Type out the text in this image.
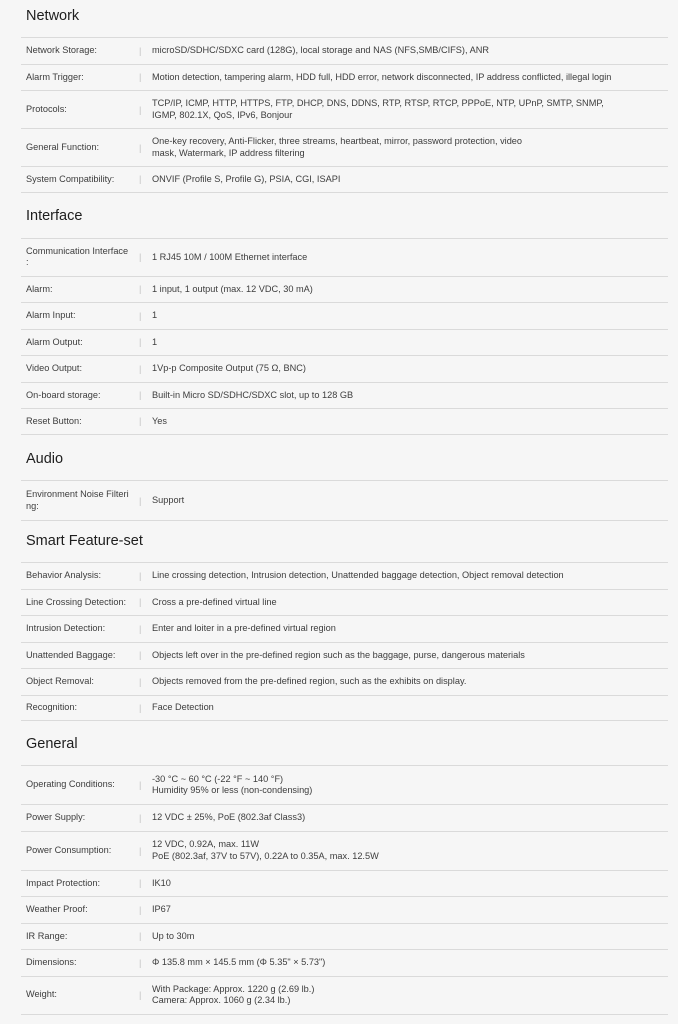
Network
Network Storage:	|	microSD/SDHC/SDXC card (128G), local storage and NAS (NFS,SMB/CIFS), ANR
Alarm Trigger:	|	Motion detection, tampering alarm, HDD full, HDD error, network disconnected, IP address conflicted, illegal login
Protocols:	|
TCP/IP, ICMP, HTTP, HTTPS, FTP, DHCP, DNS, DDNS, RTP, RTSP, RTCP, PPPoE, NTP, UPnP, SMTP, SNMP,
IGMP, 802.1X, QoS, IPv6, Bonjour
General Function:	|
One-key recovery, Anti-Flicker, three streams, heartbeat, mirror, password protection, video
mask, Watermark, IP address filtering
System Compatibility:	|	ONVIF (Profile S, Profile G), PSIA, CGI, ISAPI
Interface
Communication Interface
:	|	1 RJ45 10M / 100M Ethernet interface
Alarm:	|	1 input, 1 output (max. 12 VDC, 30 mA)
Alarm Input:	|	1
Alarm Output:	|	1
Video Output:	|	1Vp-p Composite Output (75 Ω, BNC)
On-board storage:	|	Built-in Micro SD/SDHC/SDXC slot, up to 128 GB
Reset Button:	|	Yes
Audio
Environment Noise Filteri
ng:	|	Support
Smart Feature-set
Behavior Analysis:	|	Line crossing detection, Intrusion detection, Unattended baggage detection, Object removal detection
Line Crossing Detection:	|	Cross a pre-defined virtual line
Intrusion Detection:	|	Enter and loiter in a pre-defined virtual region
Unattended Baggage:	|	Objects left over in the pre-defined region such as the baggage, purse, dangerous materials
Object Removal:	|	Objects removed from the pre-defined region, such as the exhibits on display.
Recognition:	|	Face Detection
General
Operating Conditions:	|
-30 °C ~ 60 °C (-22 °F ~ 140 °F)
Humidity 95% or less (non-condensing)
Power Supply:	|	12 VDC ± 25%, PoE (802.3af Class3)
Power Consumption:	|
12 VDC, 0.92A, max. 11W
PoE (802.3af, 37V to 57V), 0.22A to 0.35A, max. 12.5W
Impact Protection:	|	IK10
Weather Proof:	|	IP67
IR Range:	|	Up to 30m
Dimensions:	|	Φ 135.8 mm × 145.5 mm (Φ 5.35" × 5.73")
Weight:	|
With Package: Approx. 1220 g (2.69 lb.)
Camera: Approx. 1060 g (2.34 lb.)
